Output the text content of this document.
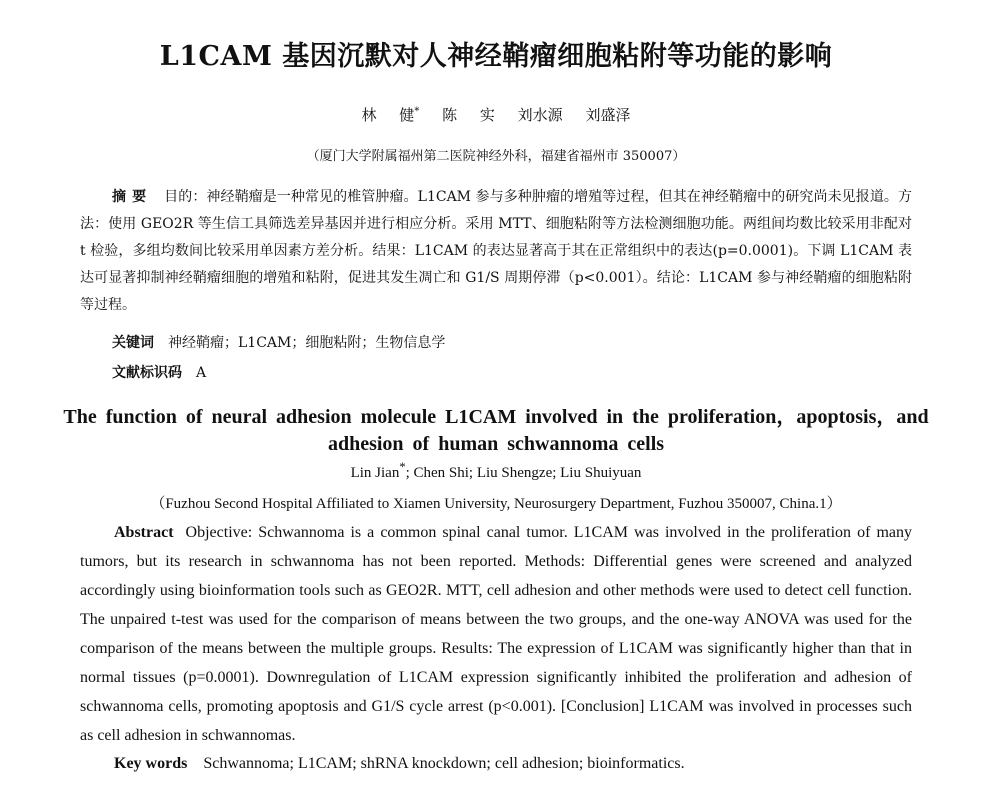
L1CAM 基因沉默对人神经鞘瘤细胞粘附等功能的影响
林 健* 陈 实 刘水源 刘盛泽
（厦门大学附属福州第二医院神经外科，福建省福州市 350007）
摘要 目的：神经鞘瘤是一种常见的椎管肿瘤。L1CAM 参与多种肿瘤的增殖等过程，但其在神经鞘瘤中的研究尚未见报道。方法：使用 GEO2R 等生信工具筛选差异基因并进行相应分析。采用 MTT、细胞粘附等方法检测细胞功能。两组间均数比较采用非配对 t 检验，多组均数间比较采用单因素方差分析。结果：L1CAM 的表达显著高于其在正常组织中的表达(p=0.0001)。下调 L1CAM 表达可显著抑制神经鞘瘤细胞的增殖和粘附，促进其发生凋亡和 G1/S 周期停滞（p<0.001）。结论：L1CAM 参与神经鞘瘤的细胞粘附等过程。
关键词 神经鞘瘤；L1CAM；细胞粘附；生物信息学
文献标识码 A
The function of neural adhesion molecule L1CAM involved in the proliferation，apoptosis，and adhesion of human schwannoma cells
Lin Jian*; Chen Shi; Liu Shengze; Liu Shuiyuan
（Fuzhou Second Hospital Affiliated to Xiamen University, Neurosurgery Department, Fuzhou 350007, China.1）
Abstract Objective: Schwannoma is a common spinal canal tumor. L1CAM was involved in the proliferation of many tumors, but its research in schwannoma has not been reported. Methods: Differential genes were screened and analyzed accordingly using bioinformation tools such as GEO2R. MTT, cell adhesion and other methods were used to detect cell function. The unpaired t-test was used for the comparison of means between the two groups, and the one-way ANOVA was used for the comparison of the means between the multiple groups. Results: The expression of L1CAM was significantly higher than that in normal tissues (p=0.0001). Downregulation of L1CAM expression significantly inhibited the proliferation and adhesion of schwannoma cells, promoting apoptosis and G1/S cycle arrest (p<0.001). [Conclusion] L1CAM was involved in processes such as cell adhesion in schwannomas.
Key words Schwannoma; L1CAM; shRNA knockdown; cell adhesion; bioinformatics.
